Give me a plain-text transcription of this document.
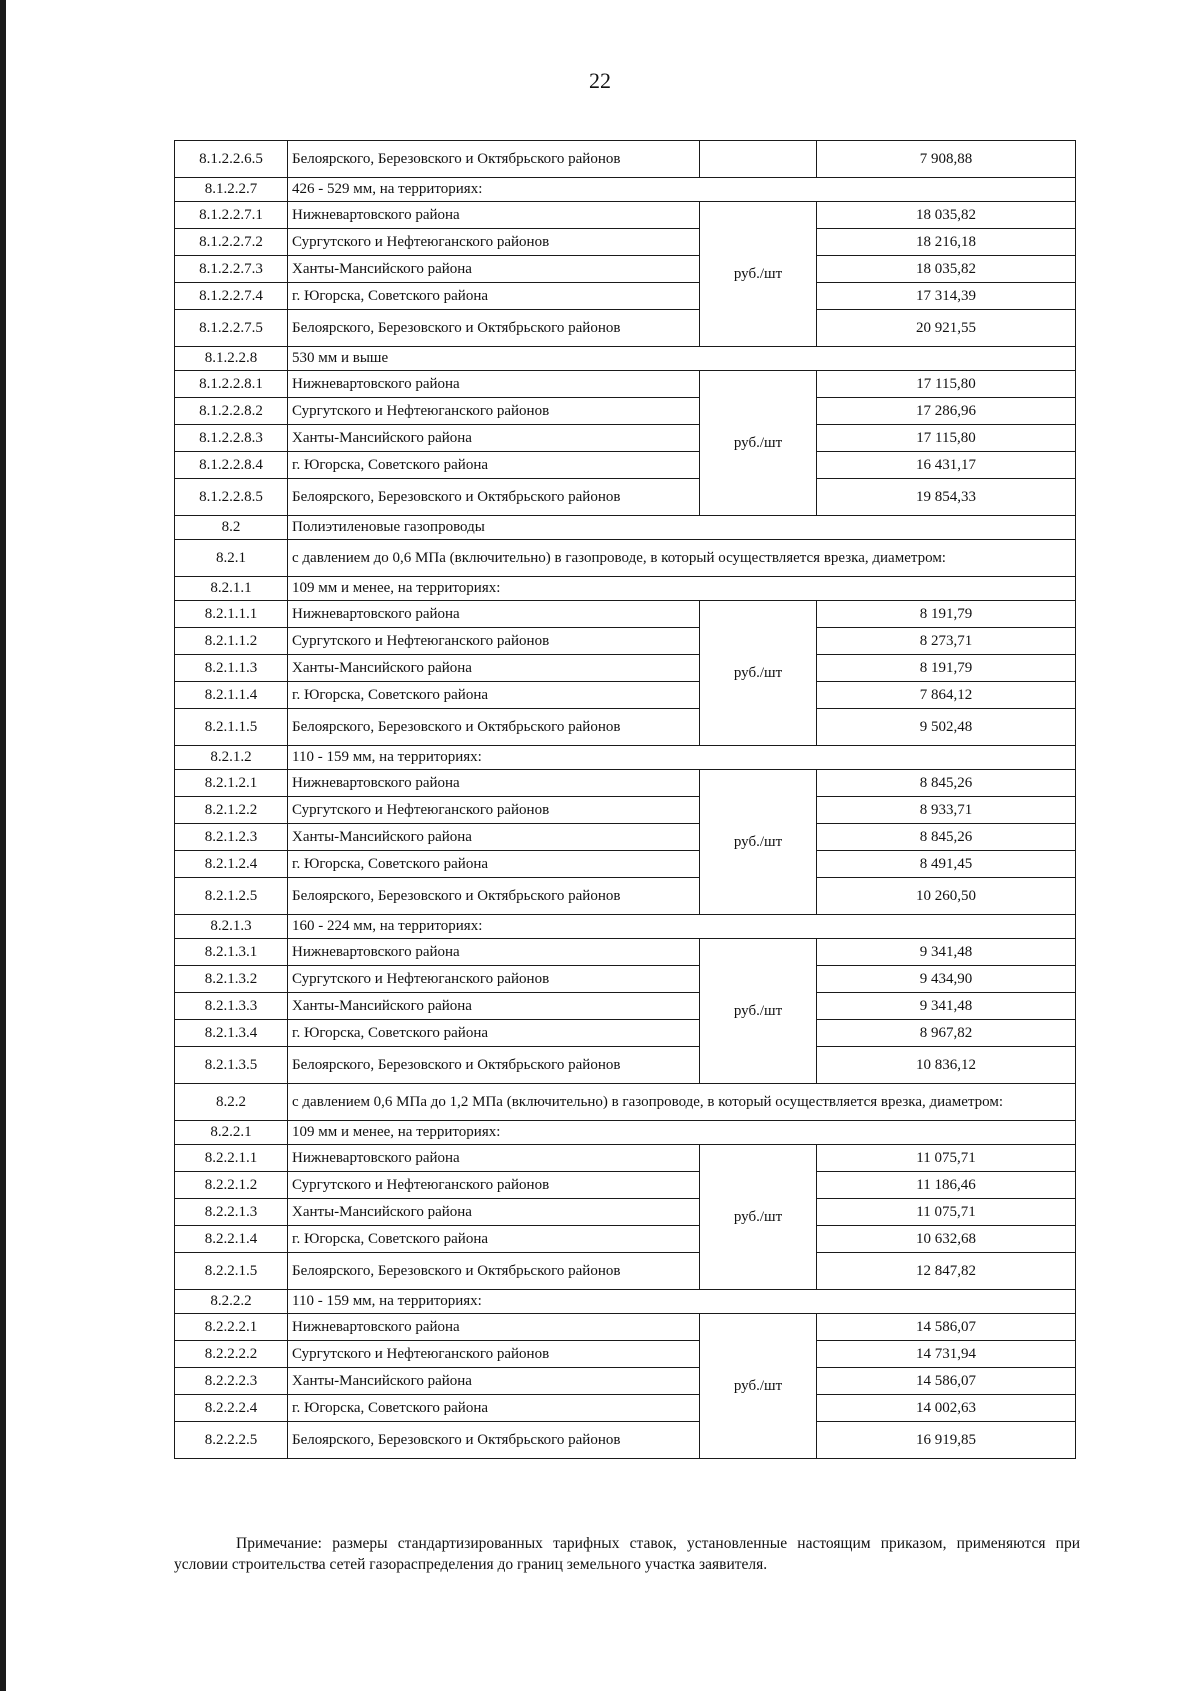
22
8.1.2.2.6.5	Белоярского, Березовского и Октябрьского районов		7 908,88
8.1.2.2.7	426 - 529 мм, на территориях:		
8.1.2.2.7.1	Нижневартовского района	руб./шт	18 035,82
8.1.2.2.7.2	Сургутского и Нефтеюганского районов		18 216,18
8.1.2.2.7.3	Ханты-Мансийского района		18 035,82
8.1.2.2.7.4	г. Югорска, Советского района		17 314,39
8.1.2.2.7.5	Белоярского, Березовского и Октябрьского районов		20 921,55
8.1.2.2.8	530 мм и выше		
8.1.2.2.8.1	Нижневартовского района	руб./шт	17 115,80
8.1.2.2.8.2	Сургутского и Нефтеюганского районов		17 286,96
8.1.2.2.8.3	Ханты-Мансийского района		17 115,80
8.1.2.2.8.4	г. Югорска, Советского района		16 431,17
8.1.2.2.8.5	Белоярского, Березовского и Октябрьского районов		19 854,33
8.2	Полиэтиленовые газопроводы		
8.2.1	с давлением до 0,6 МПа (включительно) в газопроводе, в который осуществляется врезка, диаметром:		
8.2.1.1	109 мм и менее, на территориях:		
8.2.1.1.1	Нижневартовского района	руб./шт	8 191,79
8.2.1.1.2	Сургутского и Нефтеюганского районов		8 273,71
8.2.1.1.3	Ханты-Мансийского района		8 191,79
8.2.1.1.4	г. Югорска, Советского района		7 864,12
8.2.1.1.5	Белоярского, Березовского и Октябрьского районов		9 502,48
8.2.1.2	110 - 159 мм, на территориях:		
8.2.1.2.1	Нижневартовского района	руб./шт	8 845,26
8.2.1.2.2	Сургутского и Нефтеюганского районов		8 933,71
8.2.1.2.3	Ханты-Мансийского района		8 845,26
8.2.1.2.4	г. Югорска, Советского района		8 491,45
8.2.1.2.5	Белоярского, Березовского и Октябрьского районов		10 260,50
8.2.1.3	160 - 224 мм, на территориях:		
8.2.1.3.1	Нижневартовского района	руб./шт	9 341,48
8.2.1.3.2	Сургутского и Нефтеюганского районов		9 434,90
8.2.1.3.3	Ханты-Мансийского района		9 341,48
8.2.1.3.4	г. Югорска, Советского района		8 967,82
8.2.1.3.5	Белоярского, Березовского и Октябрьского районов		10 836,12
8.2.2	с давлением 0,6 МПа до 1,2 МПа (включительно) в газопроводе, в который осуществляется врезка, диаметром:		
8.2.2.1	109 мм и менее, на территориях:		
8.2.2.1.1	Нижневартовского района	руб./шт	11 075,71
8.2.2.1.2	Сургутского и Нефтеюганского районов		11 186,46
8.2.2.1.3	Ханты-Мансийского района		11 075,71
8.2.2.1.4	г. Югорска, Советского района		10 632,68
8.2.2.1.5	Белоярского, Березовского и Октябрьского районов		12 847,82
8.2.2.2	110 - 159 мм, на территориях:		
8.2.2.2.1	Нижневартовского района	руб./шт	14 586,07
8.2.2.2.2	Сургутского и Нефтеюганского районов		14 731,94
8.2.2.2.3	Ханты-Мансийского района		14 586,07
8.2.2.2.4	г. Югорска, Советского района		14 002,63
8.2.2.2.5	Белоярского, Березовского и Октябрьского районов		16 919,85
Примечание: размеры стандартизированных тарифных ставок, установленные настоящим приказом, применяются при условии строительства сетей газораспределения до границ земельного участка заявителя.
